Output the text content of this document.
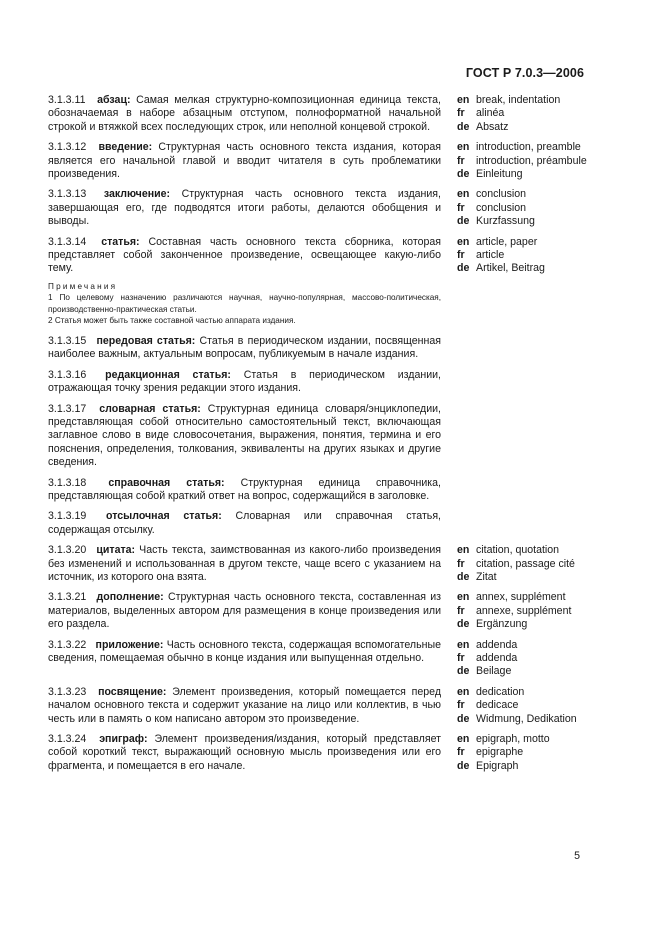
ГОСТ Р 7.0.3—2006
3.1.3.11 абзац: Самая мелкая структурно-композиционная единица текста, обозначаемая в наборе абзацным отступом, полноформатной начальной строкой и втяжкой всех последующих строк, или неполной концевой строкой.
en break, indentation
fr	alinéa
de Absatz
3.1.3.12 введение: Структурная часть основного текста издания, которая является его начальной главой и вводит читателя в суть проблематики произведения.
en introduction, preamble
fr	introduction, préambule
de Einleitung
3.1.3.13 заключение: Структурная часть основного текста издания, завершающая его, где подводятся итоги работы, делаются обобщения и выводы.
en conclusion
fr	conclusion
de Kurzfassung
3.1.3.14 статья: Составная часть основного текста сборника, которая представляет собой законченное произведение, освещающее какую-либо тему.
en article, paper
fr	article
de Artikel, Beitrag
Примечания
1 По целевому назначению различаются научная, научно-популярная, массово-политическая, производственно-практическая статьи.
2 Статья может быть также составной частью аппарата издания.
3.1.3.15 передовая статья: Статья в периодическом издании, посвященная наиболее важным, актуальным вопросам, публикуемым в начале издания.
3.1.3.16 редакционная статья: Статья в периодическом издании, отражающая точку зрения редакции этого издания.
3.1.3.17 словарная статья: Структурная единица словаря/энциклопедии, представляющая собой относительно самостоятельный текст, включающая заглавное слово в виде словосочетания, выражения, понятия, термина и его пояснения, определения, толкования, эквиваленты на других языках и другие сведения.
3.1.3.18 справочная статья: Структурная единица справочника, представляющая собой краткий ответ на вопрос, содержащийся в заголовке.
3.1.3.19 отсылочная статья: Словарная или справочная статья, содержащая отсылку.
3.1.3.20 цитата: Часть текста, заимствованная из какого-либо произведения без изменений и использованная в другом тексте, чаще всего с указанием на источник, из которого она взята.
en citation, quotation
fr	citation, passage cité
de Zitat
3.1.3.21 дополнение: Структурная часть основного текста, составленная из материалов, выделенных автором для размещения в конце произведения или его раздела.
en annex, supplément
fr	annexe, supplément
de Ergänzung
3.1.3.22 приложение: Часть основного текста, содержащая вспомогательные сведения, помещаемая обычно в конце издания или выпущенная отдельно.
en addenda
fr	addenda
de Beilage
3.1.3.23 посвящение: Элемент произведения, который помещается перед началом основного текста и содержит указание на лицо или коллектив, в чью честь или в память о ком написано автором это произведение.
en dedication
fr	dedicace
de Widmung, Dedikation
3.1.3.24 эпиграф: Элемент произведения/издания, который представляет собой короткий текст, выражающий основную мысль произведения или его фрагмента, и помещается в его начале.
en epigraph, motto
fr	epigraphe
de Epigraph
5
